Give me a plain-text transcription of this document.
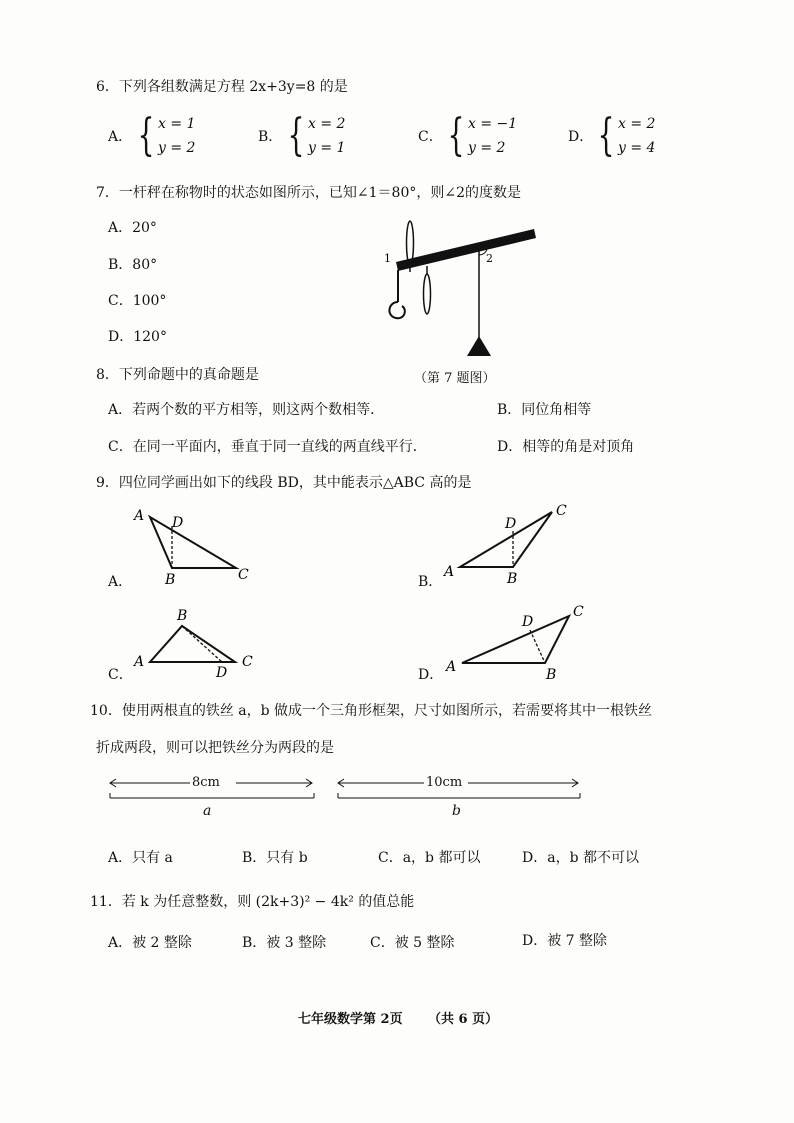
6．下列各组数满足方程 2x+3y=8 的是
A． { x = 1
y = 2
B． { x = 2
y = 1
C． { x = −1
y = 2
D． { x = 2
y = 4
7．一杆秤在称物时的状态如图所示，已知∠1＝80°，则∠2的度数是
A．20°
B．80°
C．100°
D．120°
1	2
（第 7 题图）
8．下列命题中的真命题是
A．若两个数的平方相等，则这两个数相等．	B．同位角相等
C．在同一平面内，垂直于同一直线的两直线平行．	D．相等的角是对顶角
9．四位同学画出如下的线段 BD，其中能表示△ABC 高的是
A D
B	C	A
D
B
C
A
B
D
C	A
D
B
C
A．	B．
C．	D．
10．使用两根直的铁丝 a，b 做成一个三角形框架，尺寸如图所示，若需要将其中一根铁丝
折成两段，则可以把铁丝分为两段的是
8cm
a
10cm
b
A．只有 a	B．只有 b	C．a，b 都可以	D．a，b 都不可以
11．若 k 为任意整数，则 (2k+3)² − 4k² 的值总能
A．被 2 整除	B．被 3 整除	C．被 5 整除	D．被 7 整除
七年级数学第 2页 （共 6 页）
